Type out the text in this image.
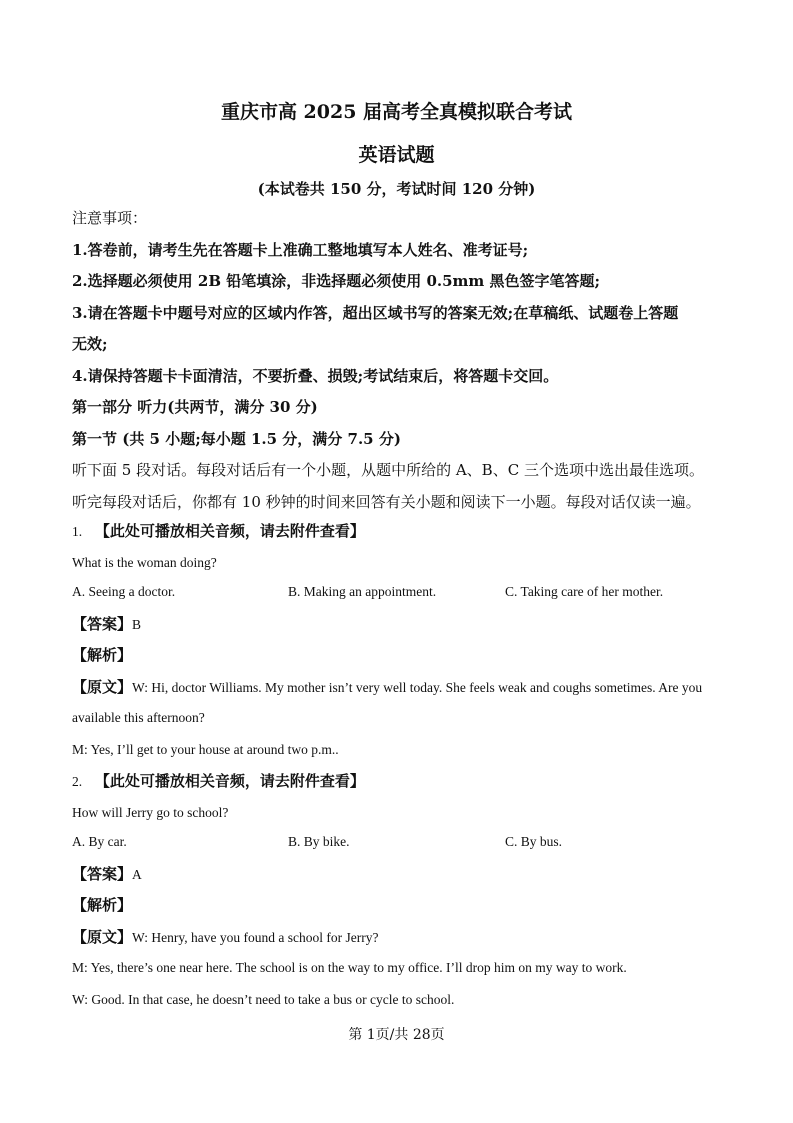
重庆市高 2025 届高考全真模拟联合考试
英语试题
(本试卷共 150 分，考试时间 120 分钟)
注意事项：
1.答卷前，请考生先在答题卡上准确工整地填写本人姓名、准考证号;
2.选择题必须使用 2B 铅笔填涂，非选择题必须使用 0.5mm 黑色签字笔答题;
3.请在答题卡中题号对应的区域内作答，超出区域书写的答案无效;在草稿纸、试题卷上答题
无效;
4.请保持答题卡卡面清洁，不要折叠、损毁;考试结束后，将答题卡交回。
第一部分 听力(共两节，满分 30 分)
第一节 (共 5 小题;每小题 1.5 分，满分 7.5 分)
听下面 5 段对话。每段对话后有一个小题，从题中所给的 A、B、C 三个选项中选出最佳选项。
听完每段对话后，你都有 10 秒钟的时间来回答有关小题和阅读下一小题。每段对话仅读一遍。
1. 【此处可播放相关音频，请去附件查看】
What is the woman doing?
A. Seeing a doctor.	B. Making an appointment.	C. Taking care of her mother.
【答案】B
【解析】
【原文】W: Hi, doctor Williams. My mother isn’t very well today. She feels weak and coughs sometimes. Are you
available this afternoon?
M: Yes, I’ll get to your house at around two p.m..
2. 【此处可播放相关音频，请去附件查看】
How will Jerry go to school?
A. By car.	B. By bike.	C. By bus.
【答案】A
【解析】
【原文】W: Henry, have you found a school for Jerry?
M: Yes, there’s one near here. The school is on the way to my office. I’ll drop him on my way to work.
W: Good. In that case, he doesn’t need to take a bus or cycle to school.
第 1页/共 28页
